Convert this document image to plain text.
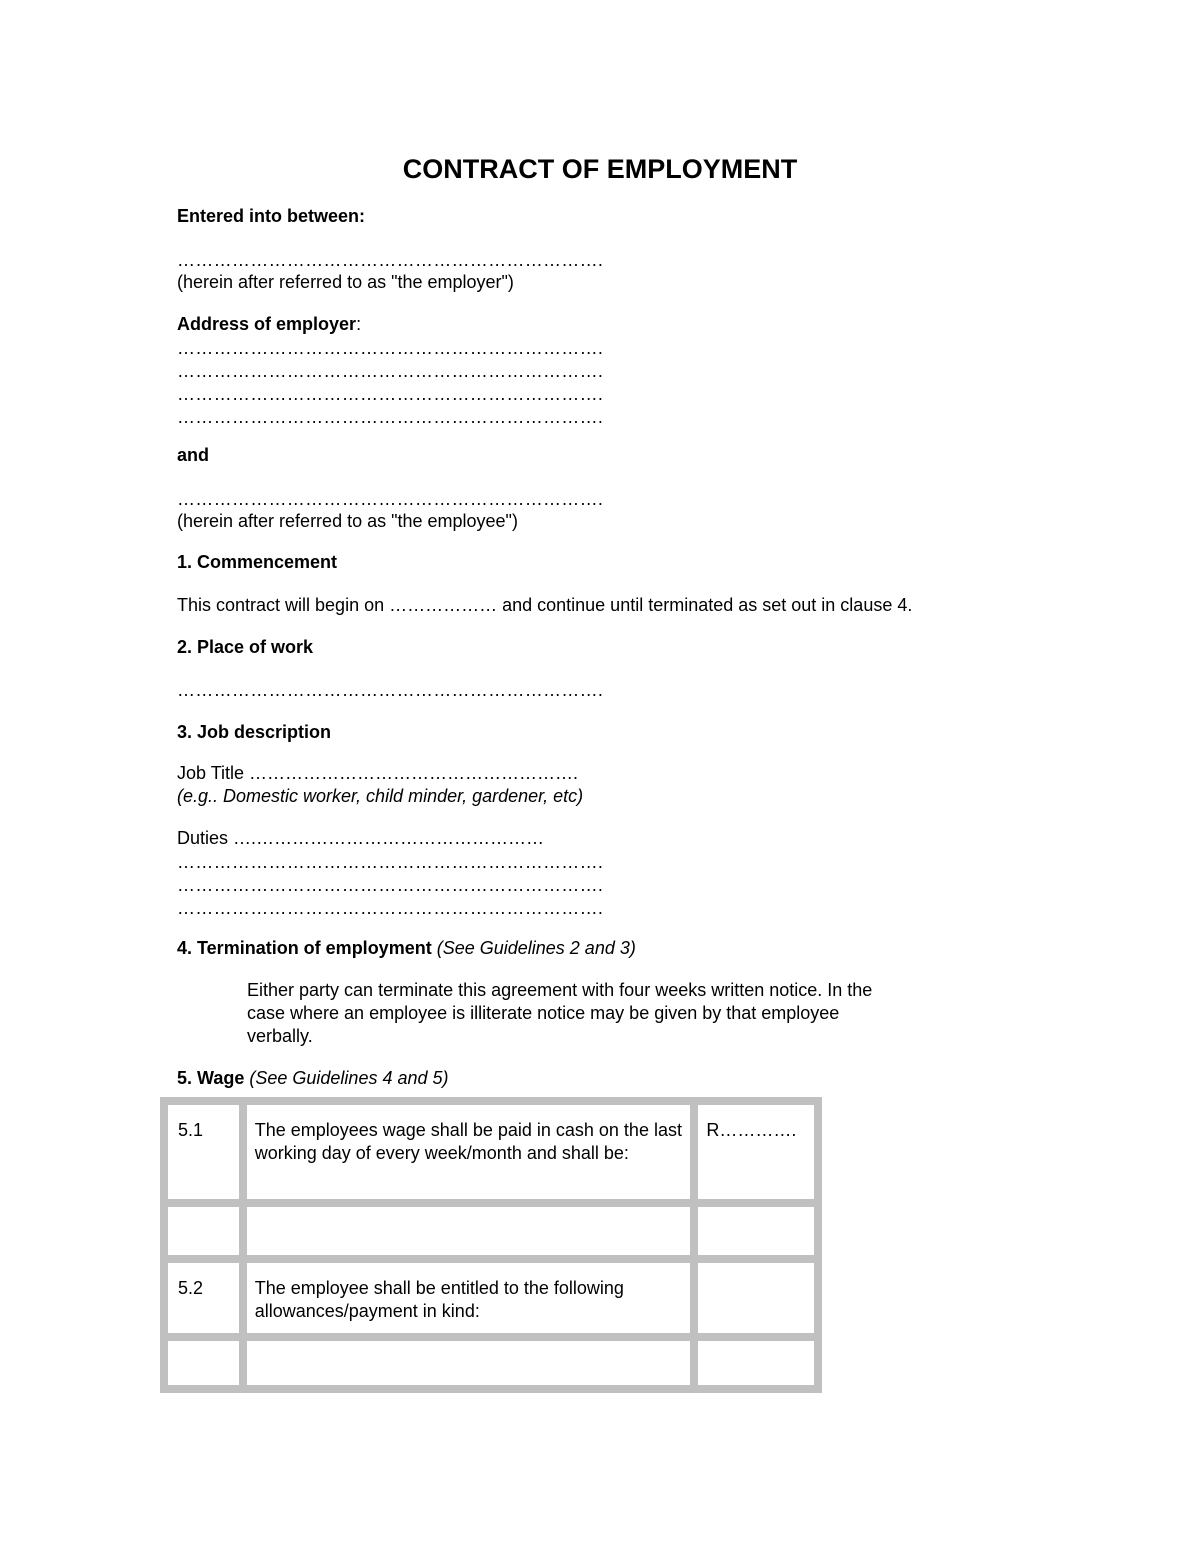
CONTRACT OF EMPLOYMENT
Entered into between:
…………………………………………………………….
(herein after referred to as "the employer")
Address of employer:
…………………………………………………………….
…………………………………………………………….
…………………………………………………………….
…………………………………………………………….
and
…………………………………………………………….
(herein after referred to as "the employee")
1. Commencement
This contract will begin on ……………… and continue until terminated as set out in clause 4.
2. Place of work
…………………………………………………………….
3. Job description
Job Title ……………………………………………….
(e.g.. Domestic worker, child minder, gardener, etc)
Duties ….…………………………………………
…………………………………………………………….
…………………………………………………………….
…………………………………………………………….
4. Termination of employment (See Guidelines 2 and 3)
Either party can terminate this agreement with four weeks written notice. In the
case where an employee is illiterate notice may be given by that employee
verbally.
5. Wage (See Guidelines 4 and 5)
5.1	The employees wage shall be paid in cash on the last working day of every week/month and shall be:	R………….

5.2	The employee shall be entitled to the following allowances/payment in kind:	
